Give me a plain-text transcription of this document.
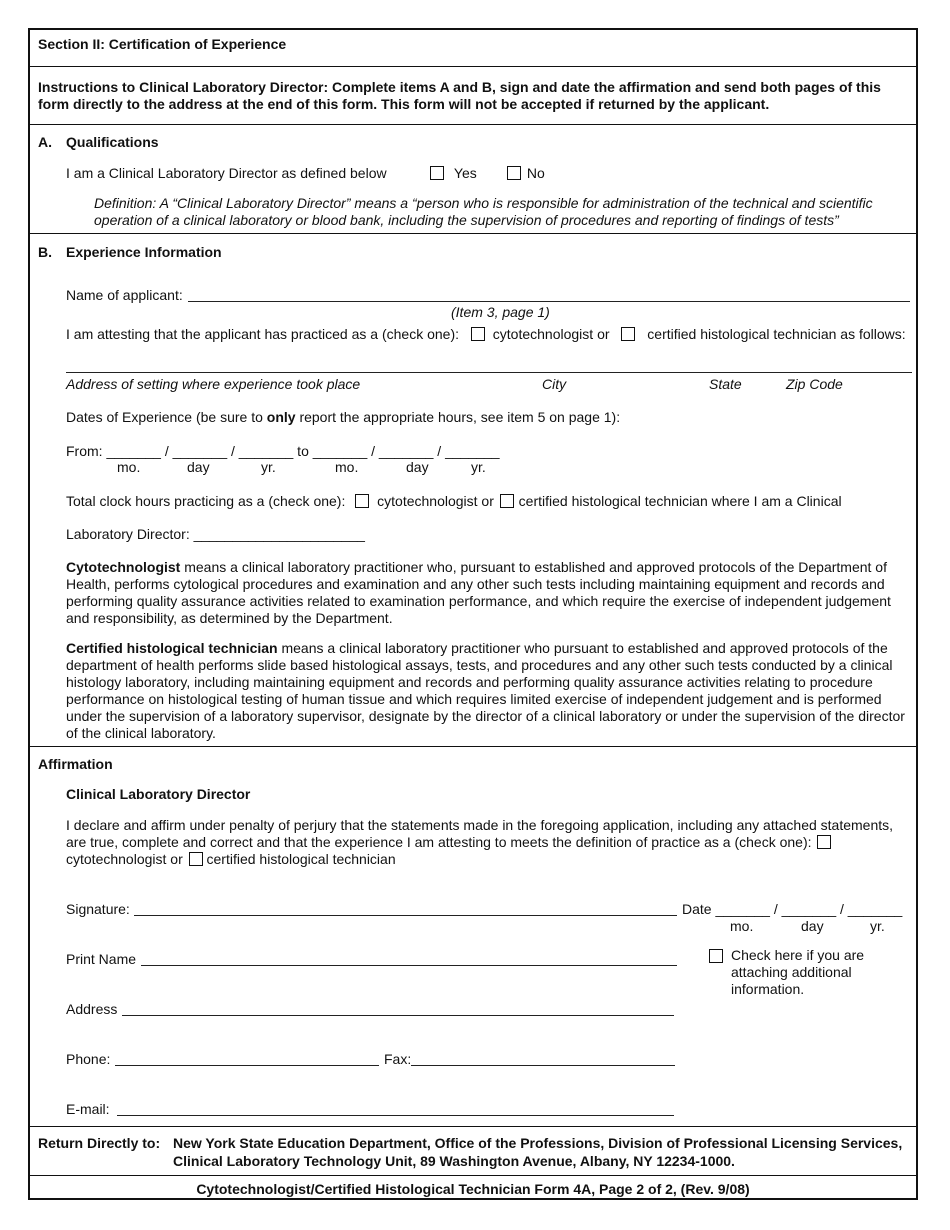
Section II: Certification of Experience
Instructions to Clinical Laboratory Director: Complete items A and B, sign and date the affirmation and send both pages of this form directly to the address at the end of this form. This form will not be accepted if returned by the applicant.
A. Qualifications
I am a Clinical Laboratory Director as defined below	Yes	No
Definition: A “Clinical Laboratory Director” means a “person who is responsible for administration of the technical and scientific operation of a clinical laboratory or blood bank, including the supervision of procedures and reporting of findings of tests”
B. Experience Information
Name of applicant:
(Item 3, page 1)
I am attesting that the applicant has practiced as a (check one): cytotechnologist or	certified histological technician as follows:
Address of setting where experience took place	City	State	Zip Code
Dates of Experience (be sure to only report the appropriate hours, see item 5 on page 1):
From: _______ / _______ / _______ to _______ / _______ / _______
mo.	day	yr.	mo.	day	yr.
Total clock hours practicing as a (check one): cytotechnologist or certified histological technician where I am a Clinical
Laboratory Director: ______________________
Cytotechnologist means a clinical laboratory practitioner who, pursuant to established and approved protocols of the Department of Health, performs cytological procedures and examination and any other such tests including maintaining equipment and records and performing quality assurance activities related to examination performance, and which require the exercise of independent judgement and responsibility, as determined by the Department.
Certified histological technician means a clinical laboratory practitioner who pursuant to established and approved protocols of the department of health performs slide based histological assays, tests, and procedures and any other such tests conducted by a clinical histology laboratory, including maintaining equipment and records and performing quality assurance activities relating to procedure performance on histological testing of human tissue and which requires limited exercise of independent judgement and is performed under the supervision of a laboratory supervisor, designate by the director of a clinical laboratory or under the supervision of the director of the clinical laboratory.
Affirmation
Clinical Laboratory Director
I declare and affirm under penalty of perjury that the statements made in the foregoing application, including any attached statements, are true, complete and correct and that the experience I am attesting to meets the definition of practice as a (check one):  cytotechnologist or certified histological technician
Signature:	Date _______ / _______ / _______
mo.	day	yr.
Print Name	Check here if you are attaching additional information.
Address
Phone:	Fax:
E-mail:
Return Directly to: New York State Education Department, Office of the Professions, Division of Professional Licensing Services,
Clinical Laboratory Technology Unit, 89 Washington Avenue, Albany, NY 12234-1000.
Cytotechnologist/Certified Histological Technician Form 4A, Page 2 of 2, (Rev. 9/08)
